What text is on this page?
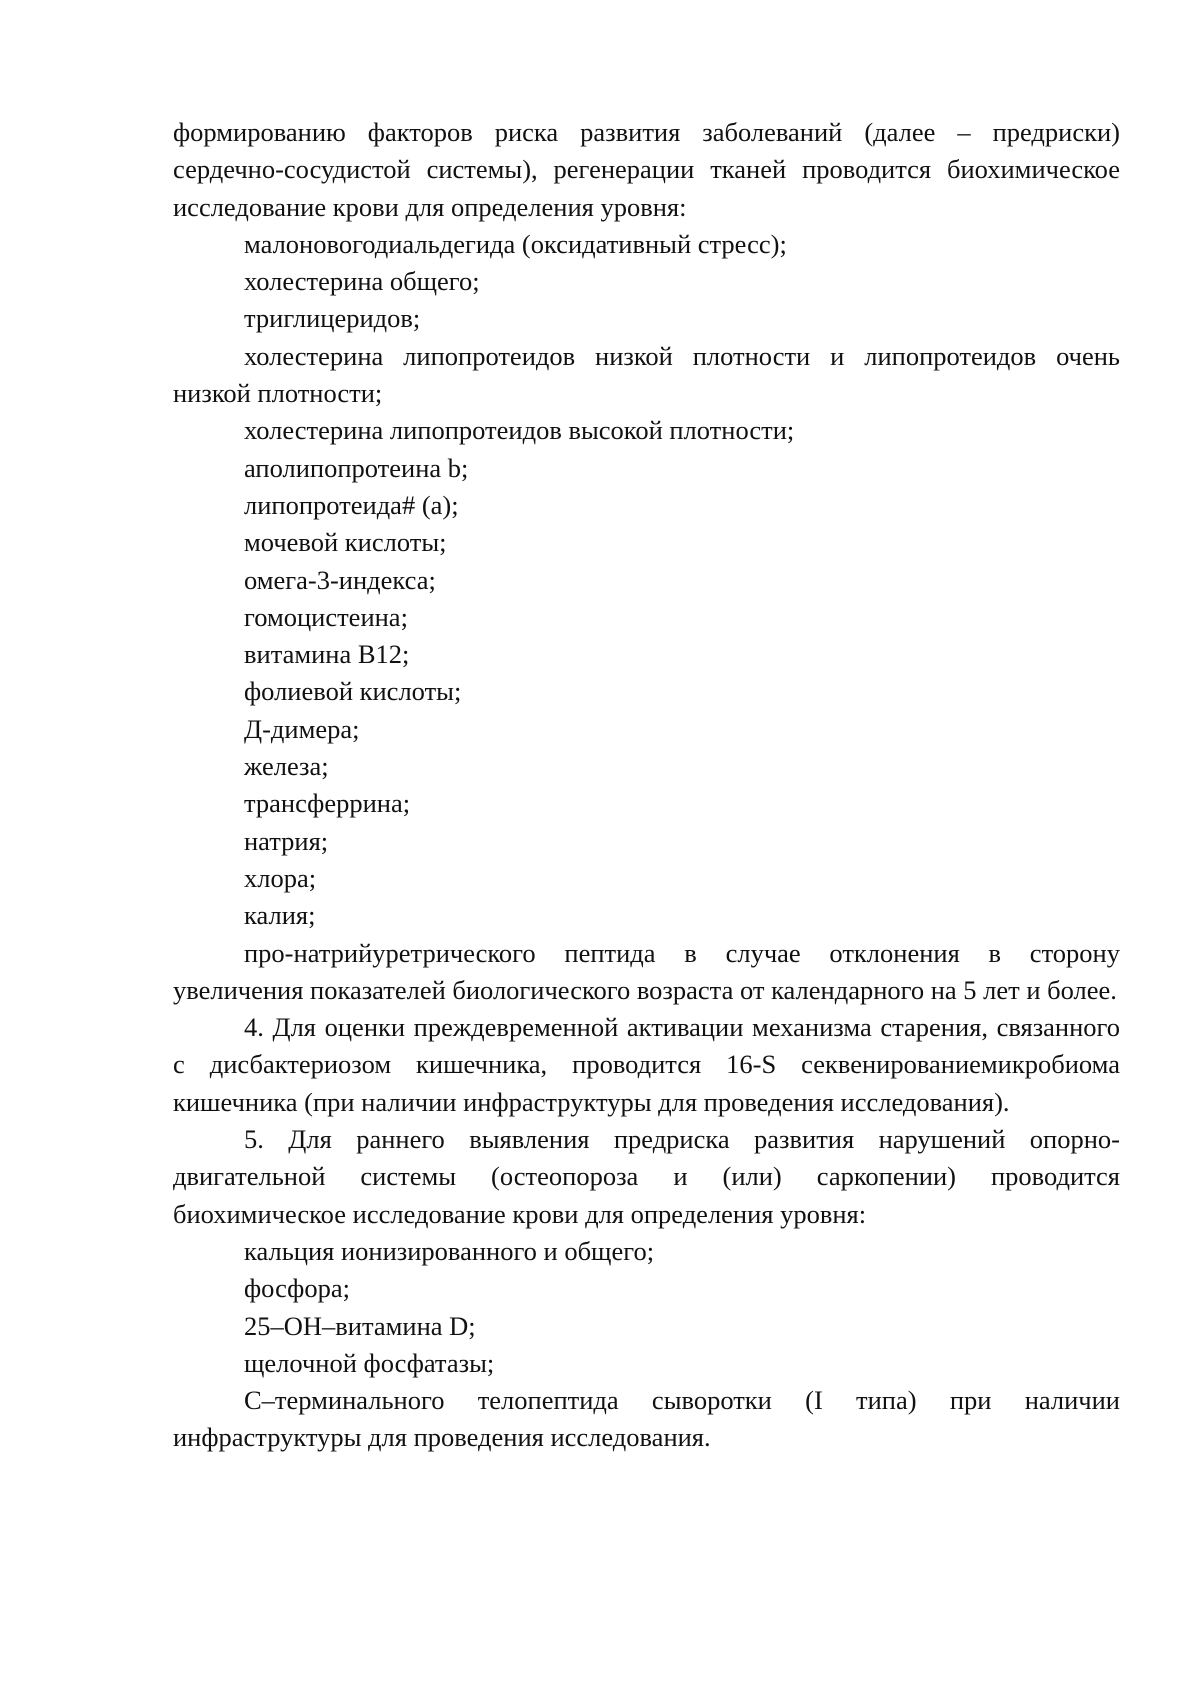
формированию факторов риска развития заболеваний (далее – предриски) сердечно-сосудистой системы), регенерации тканей проводится биохимическое исследование крови для определения уровня:

малоновогодиальдегида (оксидативный стресс);

холестерина общего;

триглицеридов;

холестерина липопротеидов низкой плотности и липопротеидов очень низкой плотности;

холестерина липопротеидов высокой плотности;

аполипопротеина b;

липопротеида# (a);

мочевой кислоты;

омега-3-индекса;

гомоцистеина;

витамина B12;

фолиевой кислоты;

Д-димера;

железа;

трансферрина;

натрия;

хлора;

калия;

про-натрийуретрического пептида в случае отклонения в сторону увеличения показателей биологического возраста от календарного на 5 лет и более.

4. Для оценки преждевременной активации механизма старения, связанного с дисбактериозом кишечника, проводится 16-S секвенированиемикробиома кишечника (при наличии инфраструктуры для проведения исследования).

5. Для раннего выявления предриска развития нарушений опорно-двигательной системы (остеопороза и (или) саркопении) проводится биохимическое исследование крови для определения уровня:

кальция ионизированного и общего;

фосфора;

25–OH–витамина D;

щелочной фосфатазы;

С–терминального телопептида сыворотки (I типа) при наличии инфраструктуры для проведения исследования.
